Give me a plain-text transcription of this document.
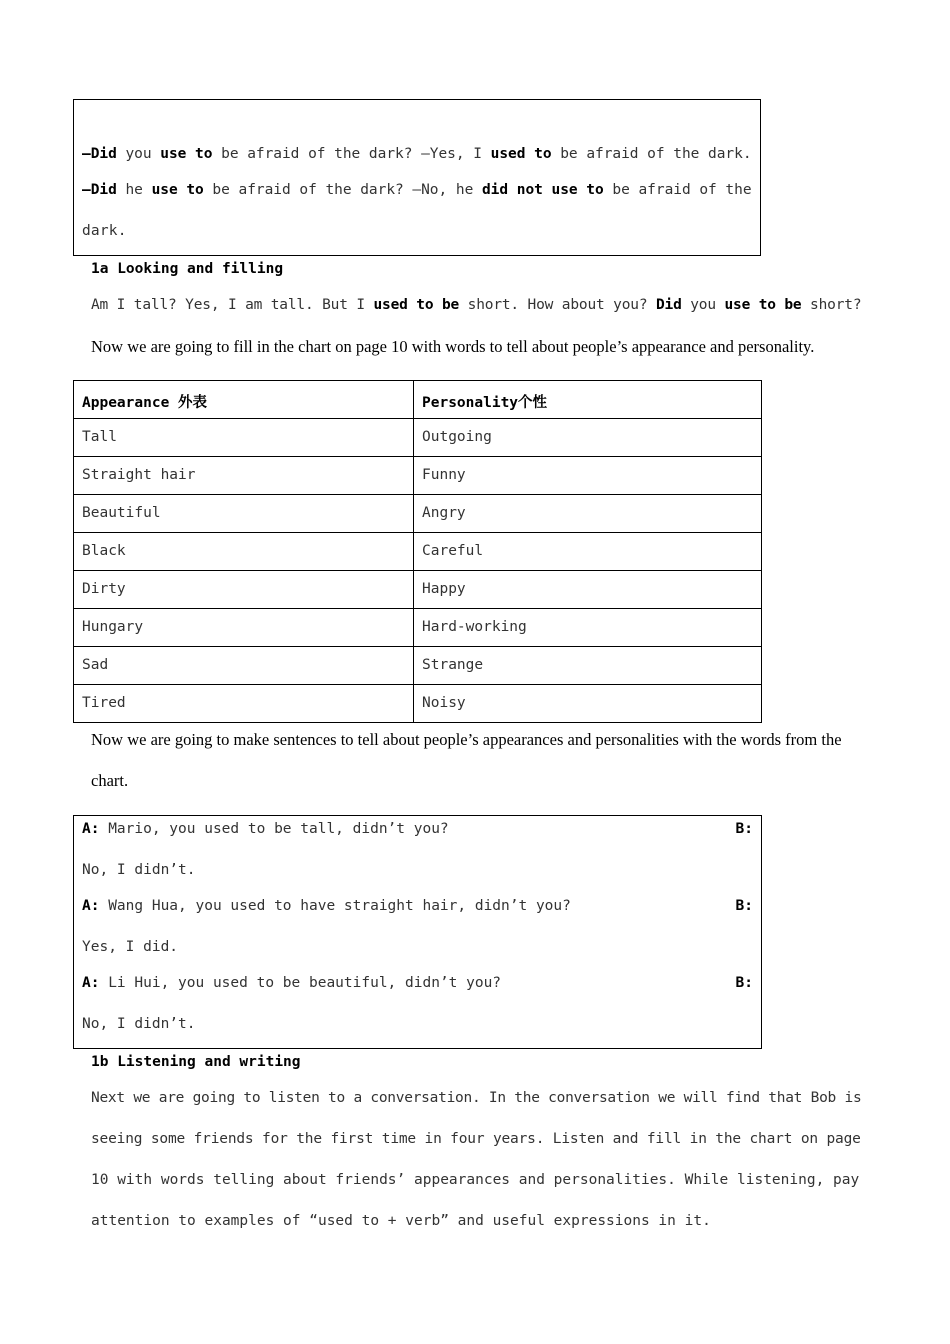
—Did you use to be afraid of the dark? —Yes, I used to be afraid of the dark.
—Did he use to be afraid of the dark? —No, he did not use to be afraid of the
dark.
1a Looking and filling
Am I tall? Yes, I am tall. But I used to be short. How about you? Did you use to be short?
Now we are going to fill in the chart on page 10 with words to tell about people’s appearance and personality.
Appearance 外表	Personality个性
Tall	Outgoing
Straight hair	Funny
Beautiful	Angry
Black	Careful
Dirty	Happy
Hungary	Hard-working
Sad	Strange
Tired	Noisy
Now we are going to make sentences to tell about people’s appearances and personalities with the words from the
chart.
A: Mario, you used to be tall, didn’t you?	B:
No, I didn’t.
A: Wang Hua, you used to have straight hair, didn’t you?	B:
Yes, I did.
A: Li Hui, you used to be beautiful, didn’t you?	B:
No, I didn’t.
1b Listening and writing
Next we are going to listen to a conversation. In the conversation we will find that Bob is
seeing some friends for the first time in four years. Listen and fill in the chart on page
10 with words telling about friends’ appearances and personalities. While listening, pay
attention to examples of “used to + verb” and useful expressions in it.
